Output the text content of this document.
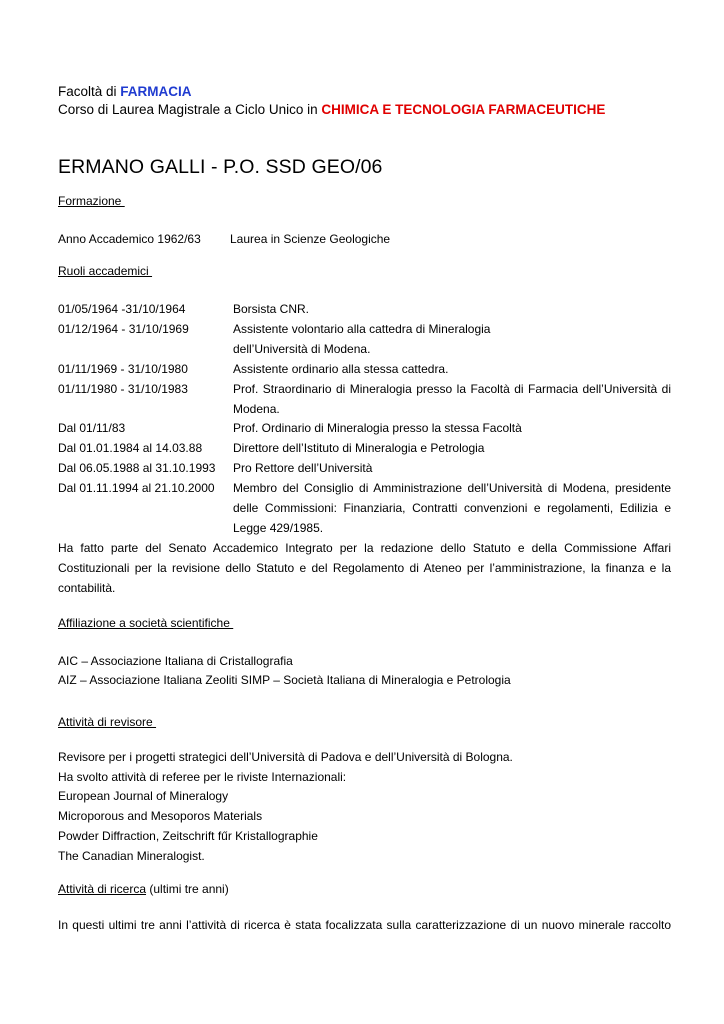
Facoltà di FARMACIA
Corso di Laurea Magistrale a Ciclo Unico in CHIMICA E TECNOLOGIA FARMACEUTICHE
ERMANO GALLI - P.O. SSD GEO/06
Formazione
Anno Accademico 1962/63 Laurea in Scienze Geologiche
Ruoli accademici
01/05/1964 -31/10/1964	Borsista CNR.
01/12/1964 - 31/10/1969	Assistente volontario alla cattedra di Mineralogia
dell’Università di Modena.
01/11/1969 - 31/10/1980	Assistente ordinario alla stessa cattedra.
01/11/1980 - 31/10/1983	Prof. Straordinario di Mineralogia presso la Facoltà di Farmacia dell’Università di
Modena.
Dal 01/11/83	Prof. Ordinario di Mineralogia presso la stessa Facoltà
Dal 01.01.1984 al 14.03.88	Direttore dell’Istituto di Mineralogia e Petrologia
Dal 06.05.1988 al 31.10.1993 Pro Rettore dell’Università
Dal 01.11.1994 al 21.10.2000 Membro del Consiglio di Amministrazione dell’Università di Modena, presidente
delle Commissioni: Finanziaria, Contratti convenzioni e regolamenti, Edilizia e
Legge 429/1985.
Ha fatto parte del Senato Accademico Integrato per la redazione dello Statuto e della Commissione Affari
Costituzionali per la revisione dello Statuto e del Regolamento di Ateneo per l’amministrazione, la finanza e la
contabilità.
Affiliazione a società scientifiche
AIC – Associazione Italiana di Cristallografia
AIZ – Associazione Italiana Zeoliti SIMP – Società Italiana di Mineralogia e Petrologia
Attività di revisore
Revisore per i progetti strategici dell’Università di Padova e dell’Università di Bologna.
Ha svolto attività di referee per le riviste Internazionali:
European Journal of Mineralogy
Microporous and Mesoporos Materials
Powder Diffraction, Zeitschrift fűr Kristallographie
The Canadian Mineralogist.
Attività di ricerca (ultimi tre anni)
In questi ultimi tre anni l’attività di ricerca è stata focalizzata sulla caratterizzazione di un nuovo minerale raccolto
